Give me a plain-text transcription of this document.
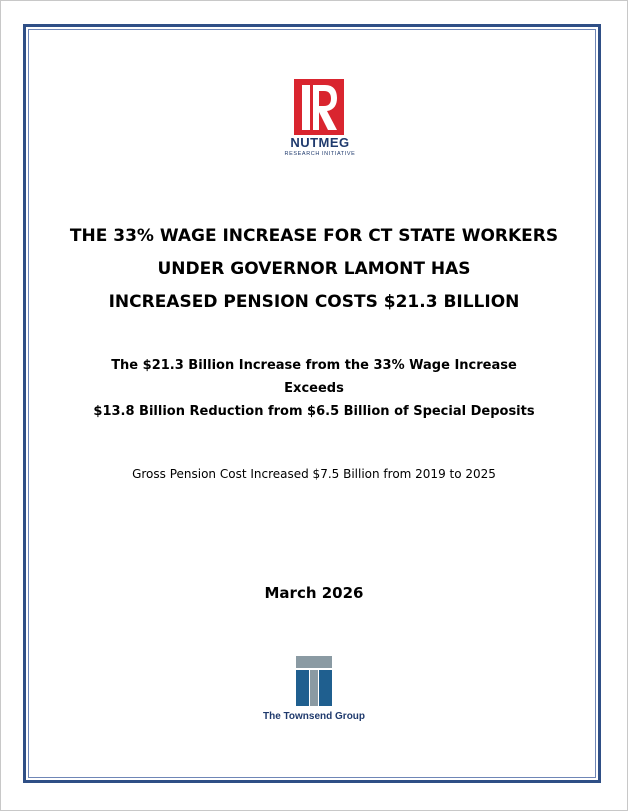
NUTMEG
RESEARCH INITIATIVE
THE 33% WAGE INCREASE FOR CT STATE WORKERS
UNDER GOVERNOR LAMONT HAS
INCREASED PENSION COSTS $21.3 BILLION
The $21.3 Billion Increase from the 33% Wage Increase
Exceeds
$13.8 Billion Reduction from $6.5 Billion of Special Deposits
Gross Pension Cost Increased $7.5 Billion from 2019 to 2025
March 2026
The Townsend Group
